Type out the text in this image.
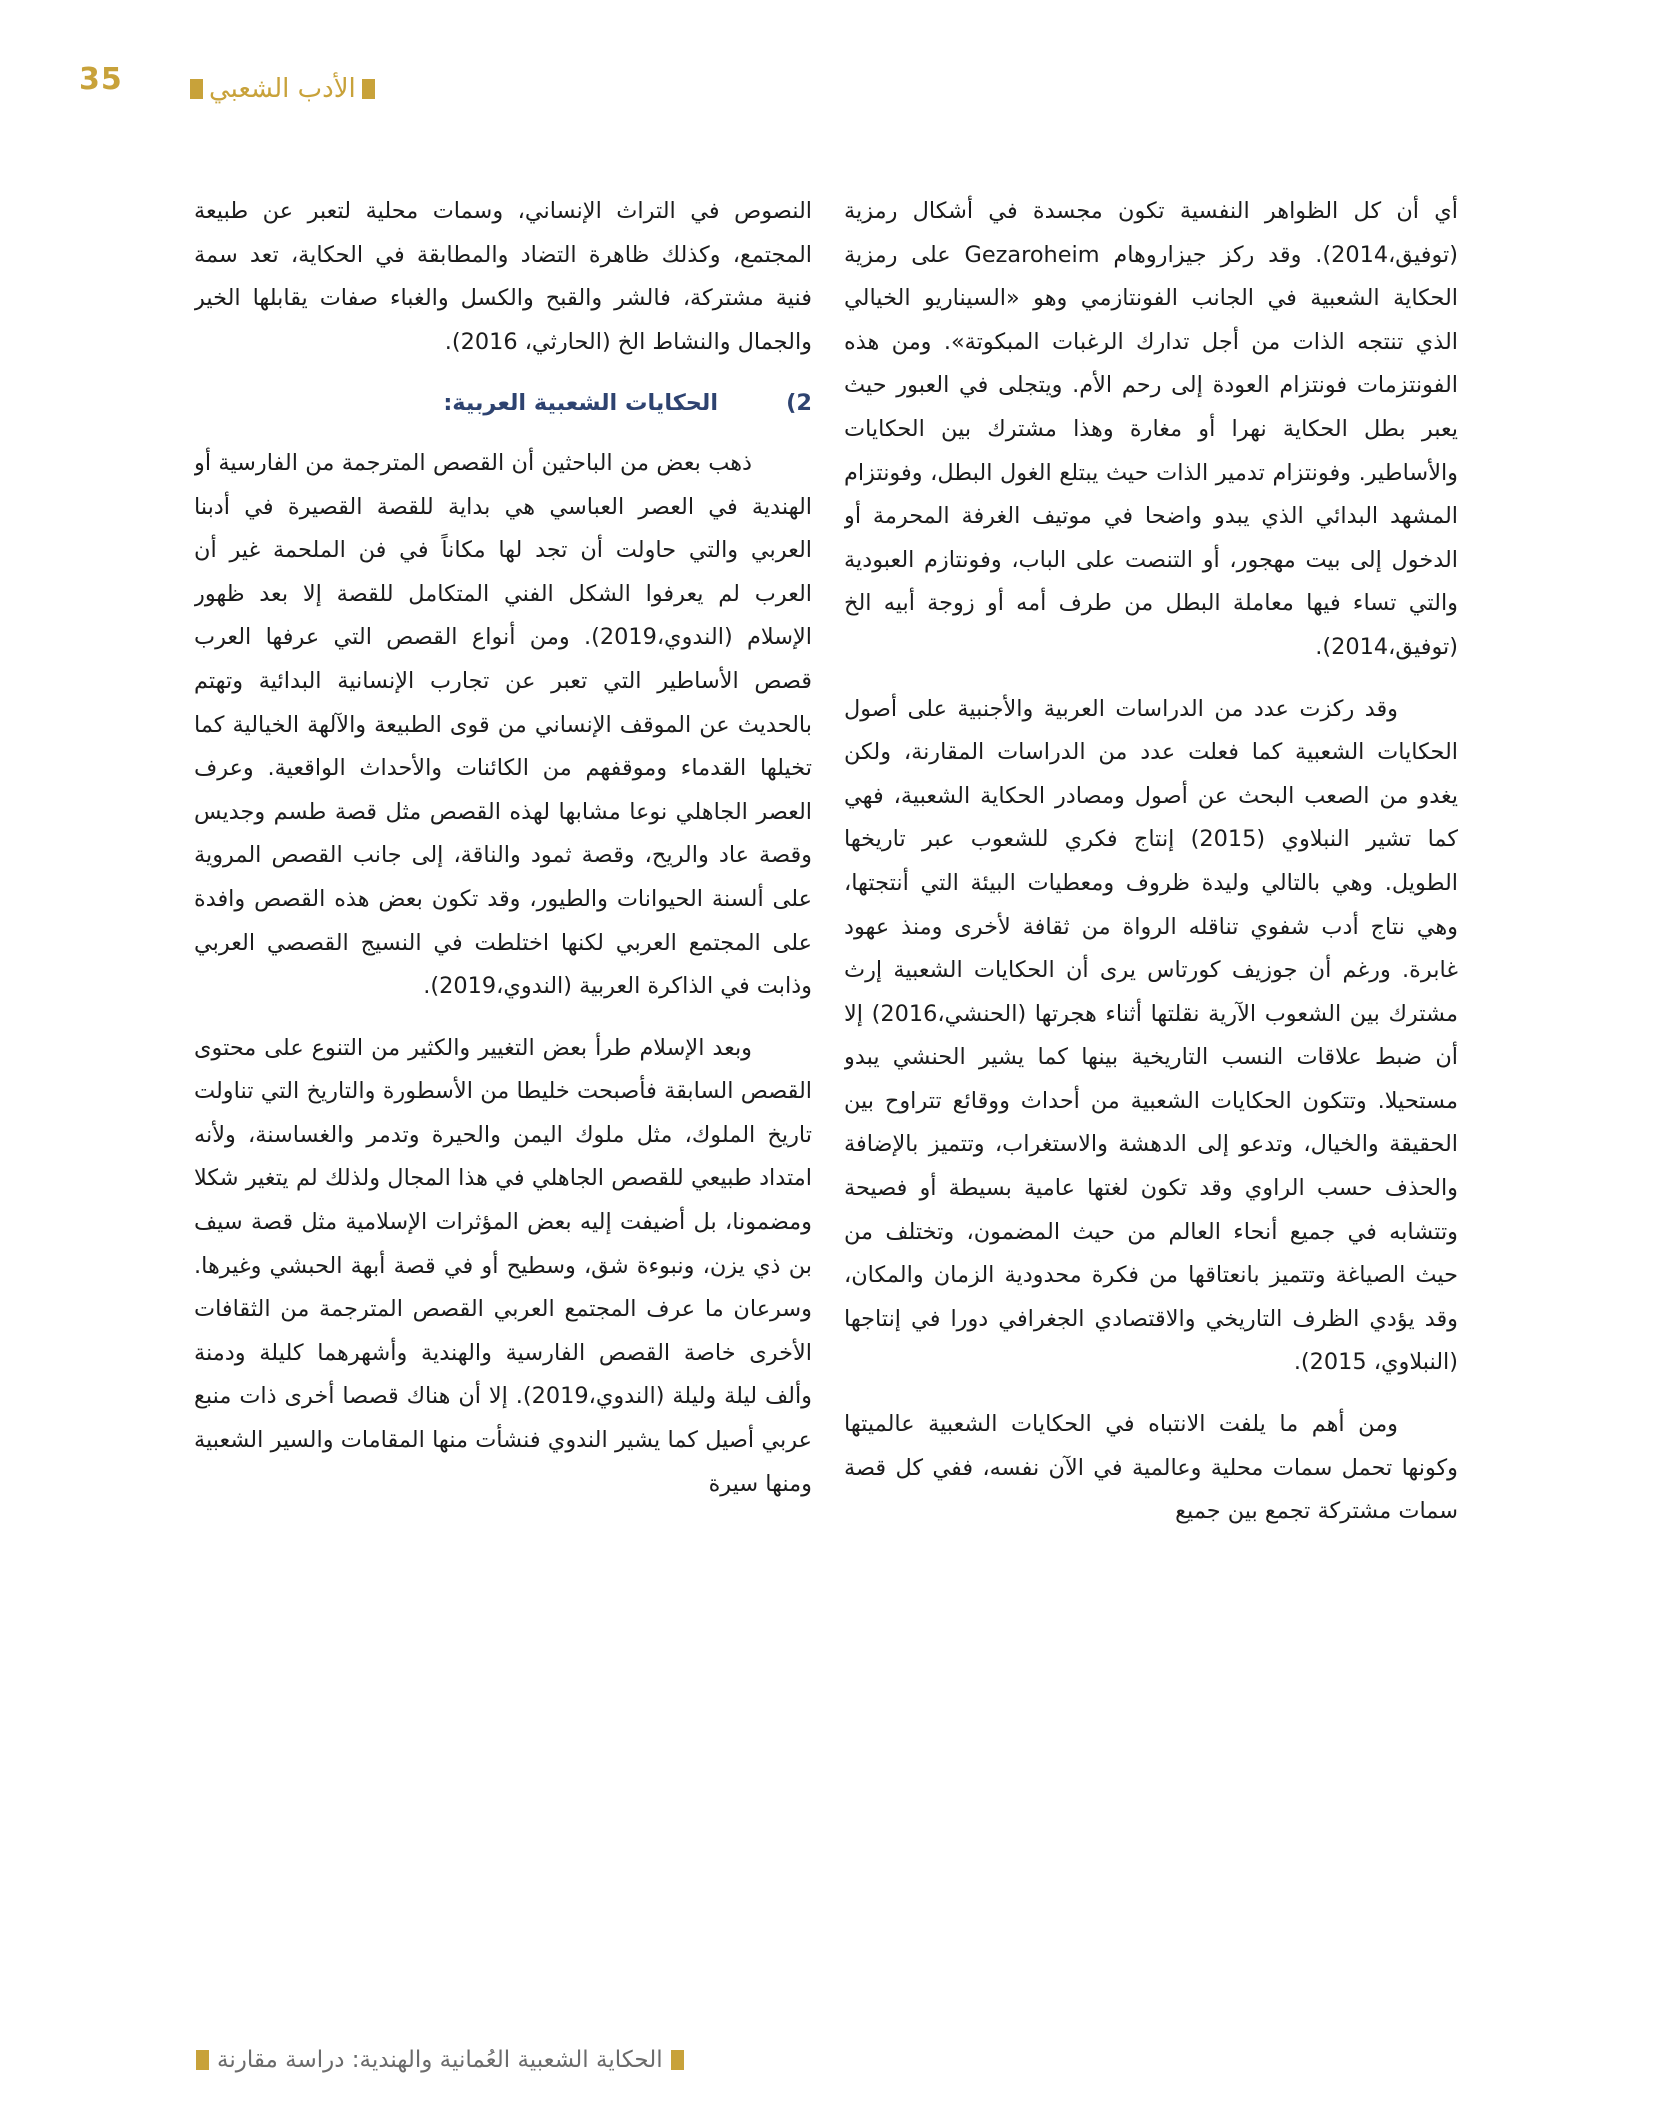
35	الأدب الشعبي

أي أن كل الظواهر النفسية تكون مجسدة في أشكال رمزية (توفيق،2014). وقد ركز جيزاروهام Gezaroheim على رمزية الحكاية الشعبية في الجانب الفونتازمي وهو «السيناريو الخيالي الذي تنتجه الذات من أجل تدارك الرغبات المبكوتة». ومن هذه الفونتزمات فونتزام العودة إلى رحم الأم. ويتجلى في العبور حيث يعبر بطل الحكاية نهرا أو مغارة وهذا مشترك بين الحكايات والأساطير. وفونتزام تدمير الذات حيث يبتلع الغول البطل، وفونتزام المشهد البدائي الذي يبدو واضحا في موتيف الغرفة المحرمة أو الدخول إلى بيت مهجور، أو التنصت على الباب، وفونتازم العبودية والتي تساء فيها معاملة البطل من طرف أمه أو زوجة أبيه الخ (توفيق،2014).

وقد ركزت عدد من الدراسات العربية والأجنبية على أصول الحكايات الشعبية كما فعلت عدد من الدراسات المقارنة، ولكن يغدو من الصعب البحث عن أصول ومصادر الحكاية الشعبية، فهي كما تشير النبلاوي (2015) إنتاج فكري للشعوب عبر تاريخها الطويل. وهي بالتالي وليدة ظروف ومعطيات البيئة التي أنتجتها، وهي نتاج أدب شفوي تناقله الرواة من ثقافة لأخرى ومنذ عهود غابرة. ورغم أن جوزيف كورتاس يرى أن الحكايات الشعبية إرث مشترك بين الشعوب الآرية نقلتها أثناء هجرتها (الحنشي،2016) إلا أن ضبط علاقات النسب التاريخية بينها كما يشير الحنشي يبدو مستحيلا. وتتكون الحكايات الشعبية من أحداث ووقائع تتراوح بين الحقيقة والخيال، وتدعو إلى الدهشة والاستغراب، وتتميز بالإضافة والحذف حسب الراوي وقد تكون لغتها عامية بسيطة أو فصيحة وتتشابه في جميع أنحاء العالم من حيث المضمون، وتختلف من حيث الصياغة وتتميز بانعتاقها من فكرة محدودية الزمان والمكان، وقد يؤدي الظرف التاريخي والاقتصادي الجغرافي دورا في إنتاجها (النبلاوي، 2015).

ومن أهم ما يلفت الانتباه في الحكايات الشعبية عالميتها وكونها تحمل سمات محلية وعالمية في الآن نفسه، ففي كل قصة سمات مشتركة تجمع بين جميع

النصوص في التراث الإنساني، وسمات محلية لتعبر عن طبيعة المجتمع، وكذلك ظاهرة التضاد والمطابقة في الحكاية، تعد سمة فنية مشتركة، فالشر والقبح والكسل والغباء صفات يقابلها الخير والجمال والنشاط الخ (الحارثي، 2016).

2)
الحكايات الشعبية العربية:

ذهب بعض من الباحثين أن القصص المترجمة من الفارسية أو الهندية في العصر العباسي هي بداية للقصة القصيرة في أدبنا العربي والتي حاولت أن تجد لها مكاناً في فن الملحمة غير أن العرب لم يعرفوا الشكل الفني المتكامل للقصة إلا بعد ظهور الإسلام (الندوي،2019). ومن أنواع القصص التي عرفها العرب قصص الأساطير التي تعبر عن تجارب الإنسانية البدائية وتهتم بالحديث عن الموقف الإنساني من قوى الطبيعة والآلهة الخيالية كما تخيلها القدماء وموقفهم من الكائنات والأحداث الواقعية. وعرف العصر الجاهلي نوعا مشابها لهذه القصص مثل قصة طسم وجديس وقصة عاد والريح، وقصة ثمود والناقة، إلى جانب القصص المروية على ألسنة الحيوانات والطيور، وقد تكون بعض هذه القصص وافدة على المجتمع العربي لكنها اختلطت في النسيج القصصي العربي وذابت في الذاكرة العربية (الندوي،2019).

وبعد الإسلام طرأ بعض التغيير والكثير من التنوع على محتوى القصص السابقة فأصبحت خليطا من الأسطورة والتاريخ التي تناولت تاريخ الملوك، مثل ملوك اليمن والحيرة وتدمر والغساسنة، ولأنه امتداد طبيعي للقصص الجاهلي في هذا المجال ولذلك لم يتغير شكلا ومضمونا، بل أضيفت إليه بعض المؤثرات الإسلامية مثل قصة سيف بن ذي يزن، ونبوءة شق، وسطيح أو في قصة أبهة الحبشي وغيرها. وسرعان ما عرف المجتمع العربي القصص المترجمة من الثقافات الأخرى خاصة القصص الفارسية والهندية وأشهرهما كليلة ودمنة وألف ليلة وليلة (الندوي،2019). إلا أن هناك قصصا أخرى ذات منبع عربي أصيل كما يشير الندوي فنشأت منها المقامات والسير الشعبية ومنها سيرة

الحكاية الشعبية العُمانية والهندية: دراسة مقارنة
